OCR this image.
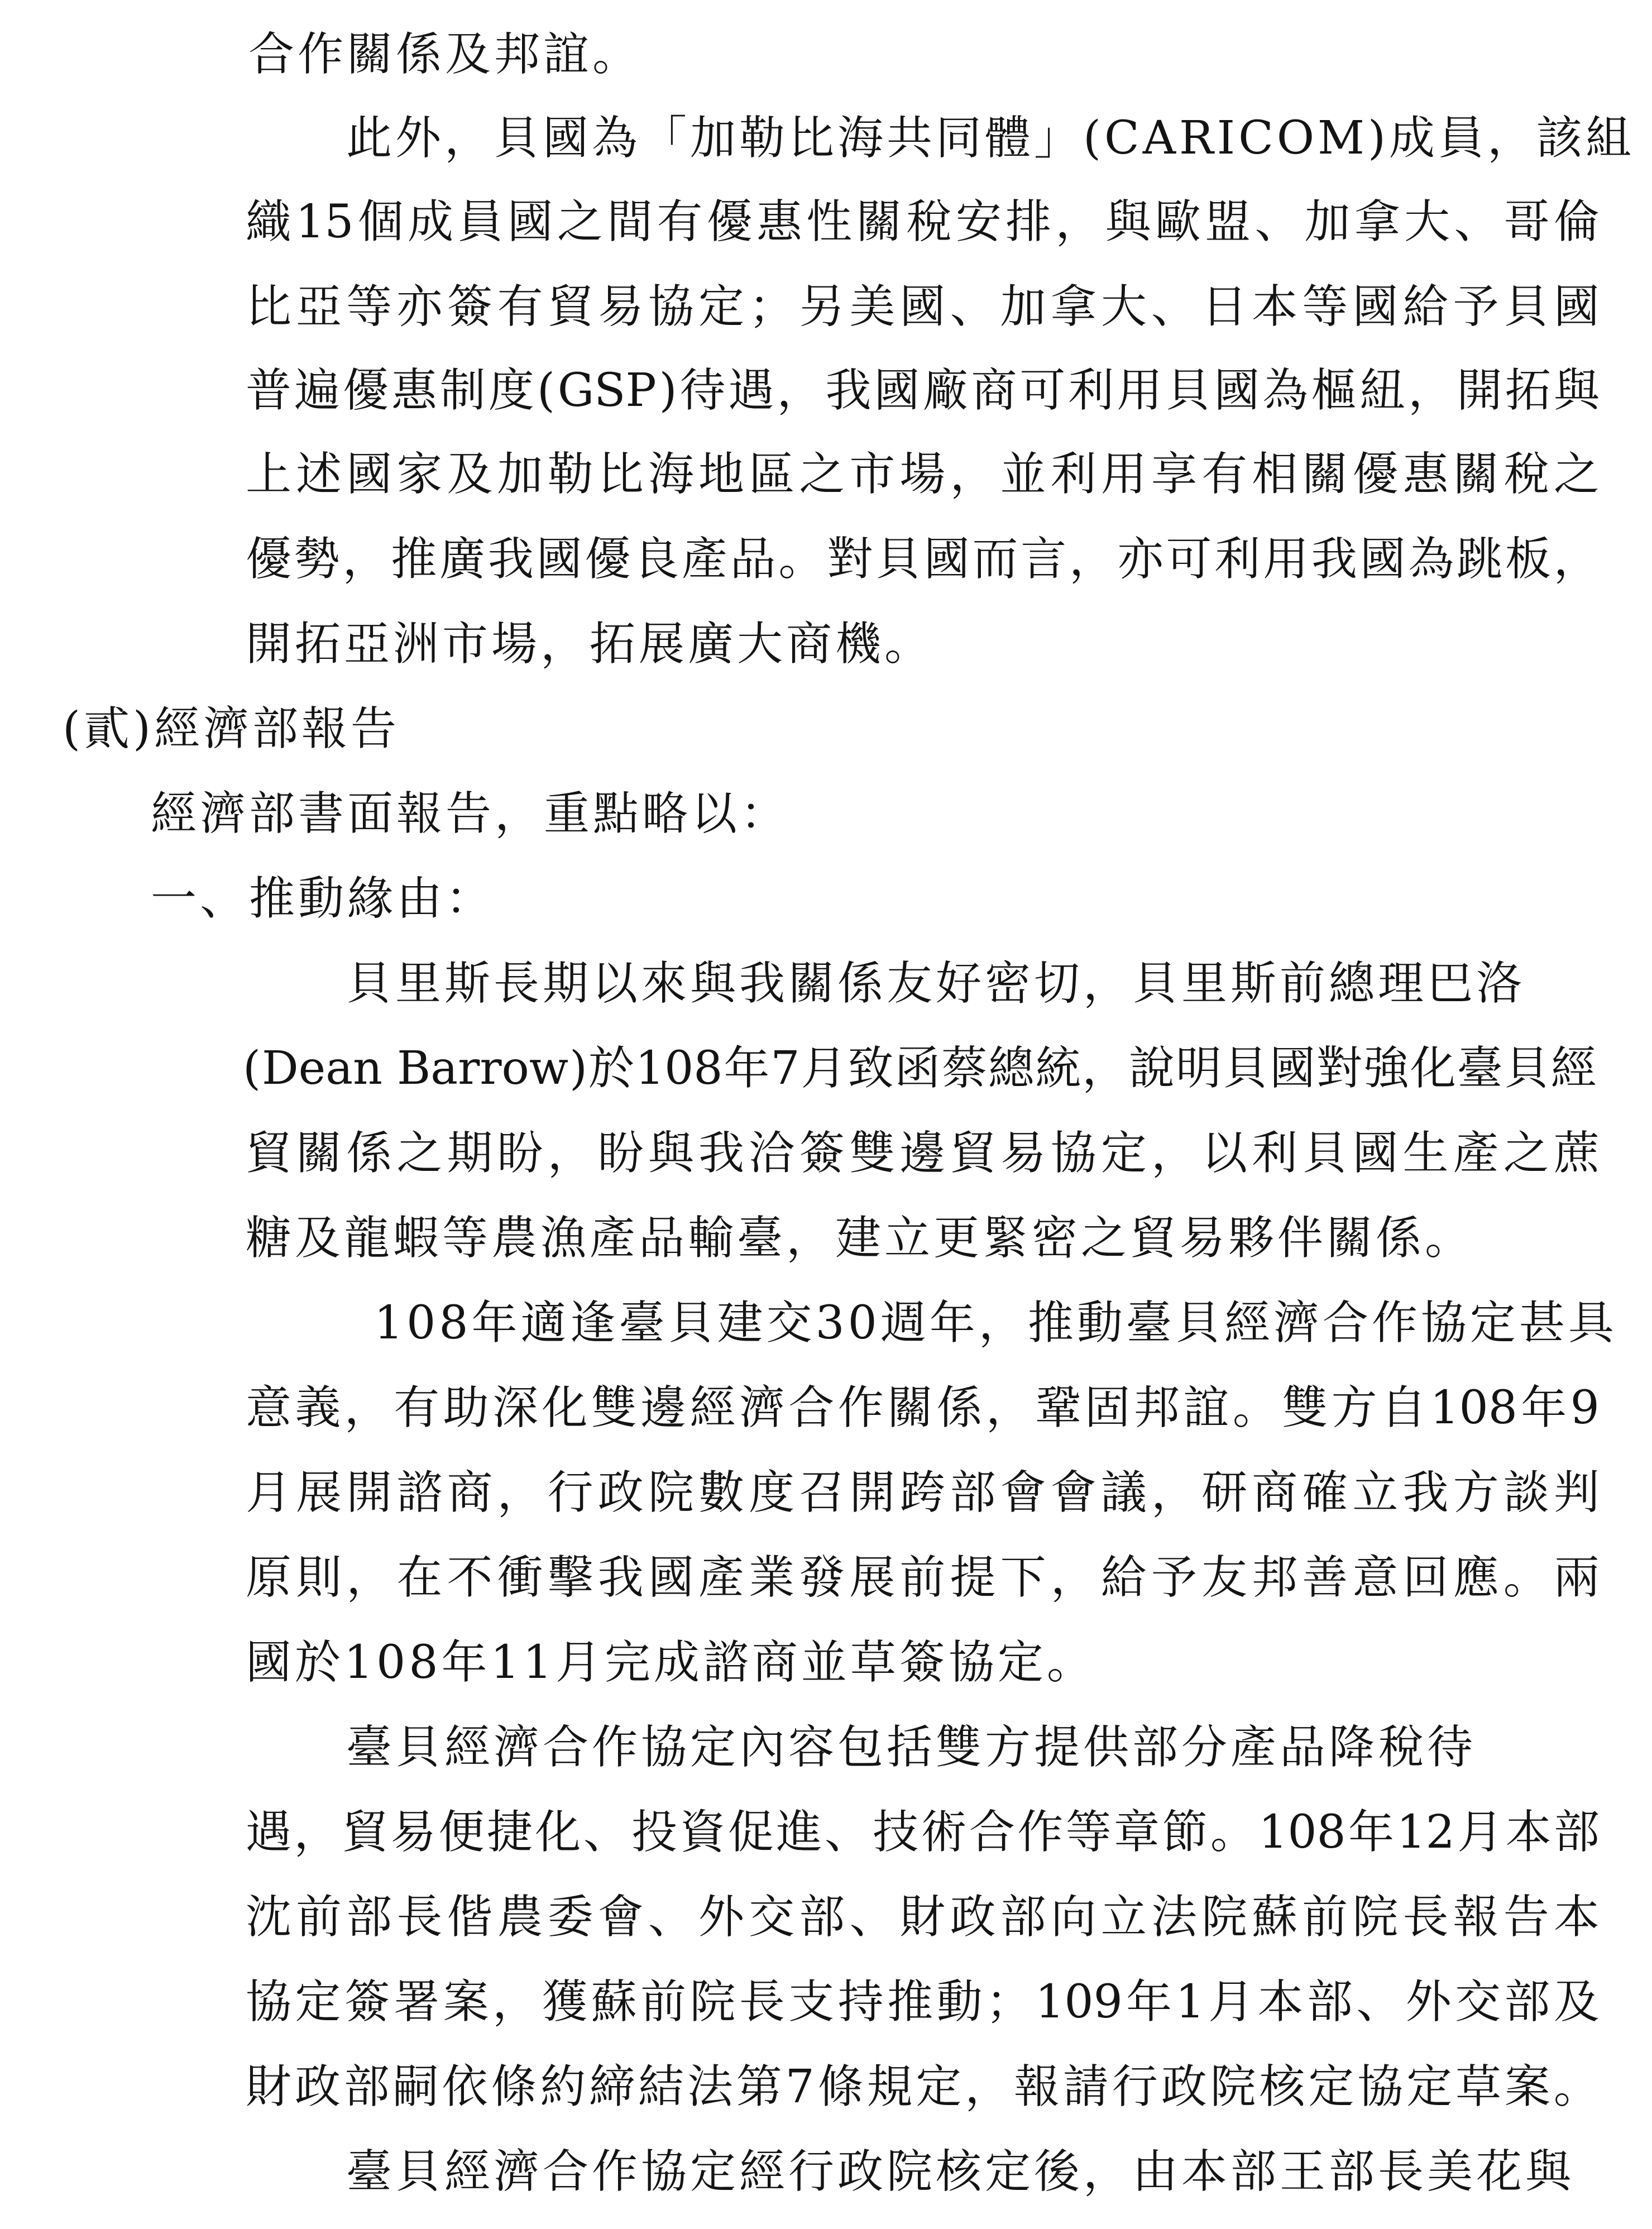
合作關係及邦誼。
此外，貝國為「加勒比海共同體」(CARICOM)成員，該組
織 15 個 成 員 國 之 間 有 優 惠 性 關 稅 安 排 ， 與 歐 盟 、 加 拿 大 、 哥 倫
比 亞 等 亦 簽 有 貿 易 協 定 ； 另 美 國 、 加 拿 大 、 日 本 等 國 給 予 貝 國
普 遍 優 惠 制 度 ( GSP ) 待 遇 ， 我 國 廠 商 可 利 用 貝 國 為 樞 紐 ， 開 拓 與
上 述 國 家 及 加 勒 比 海 地 區 之 市 場 ， 並 利 用 享 有 相 關 優 惠 關 稅 之
優 勢 ， 推 廣 我 國 優 良 產 品 。 對 貝 國 而 言 ， 亦 可 利 用 我 國 為 跳 板 ，
開拓亞洲市場，拓展廣大商機。
(貳)經濟部報告
經濟部書面報告，重點略以：
一、推動緣由：
貝里斯長期以來與我關係友好密切，貝里斯前總理巴洛
( Dean Barrow ) 於 108 年 7 月 致 函 蔡 總 統 ， 說 明 貝 國 對 強 化 臺 貝 經
貿 關 係 之 期 盼 ， 盼 與 我 洽 簽 雙 邊 貿 易 協 定 ， 以 利 貝 國 生 產 之 蔗
糖及龍蝦等農漁產品輸臺，建立更緊密之貿易夥伴關係。
108年適逢臺貝建交30週年，推動臺貝經濟合作協定甚具
意 義 ， 有 助 深 化 雙 邊 經 濟 合 作 關 係 ， 鞏 固 邦 誼 。 雙 方 自 108 年 9
月 展 開 諮 商 ， 行 政 院 數 度 召 開 跨 部 會 會 議 ， 研 商 確 立 我 方 談 判
原 則 ， 在 不 衝 擊 我 國 產 業 發 展 前 提 下 ， 給 予 友 邦 善 意 回 應 。 兩
國於108年11月完成諮商並草簽協定。
臺貝經濟合作協定內容包括雙方提供部分產品降稅待
遇 ， 貿 易 便 捷 化 、 投 資 促 進 、 技 術 合 作 等 章 節 。 108 年 12 月 本 部
沈 前 部 長 偕 農 委 會 、 外 交 部 、 財 政 部 向 立 法 院 蘇 前 院 長 報 告 本
協 定 簽 署 案 ， 獲 蘇 前 院 長 支 持 推 動 ； 109 年 1 月 本 部 、 外 交 部 及
財 政 部 嗣 依 條 約 締 結 法 第 7 條 規 定 ， 報 請 行 政 院 核 定 協 定 草 案 。
臺貝經濟合作協定經行政院核定後，由本部王部長美花與
